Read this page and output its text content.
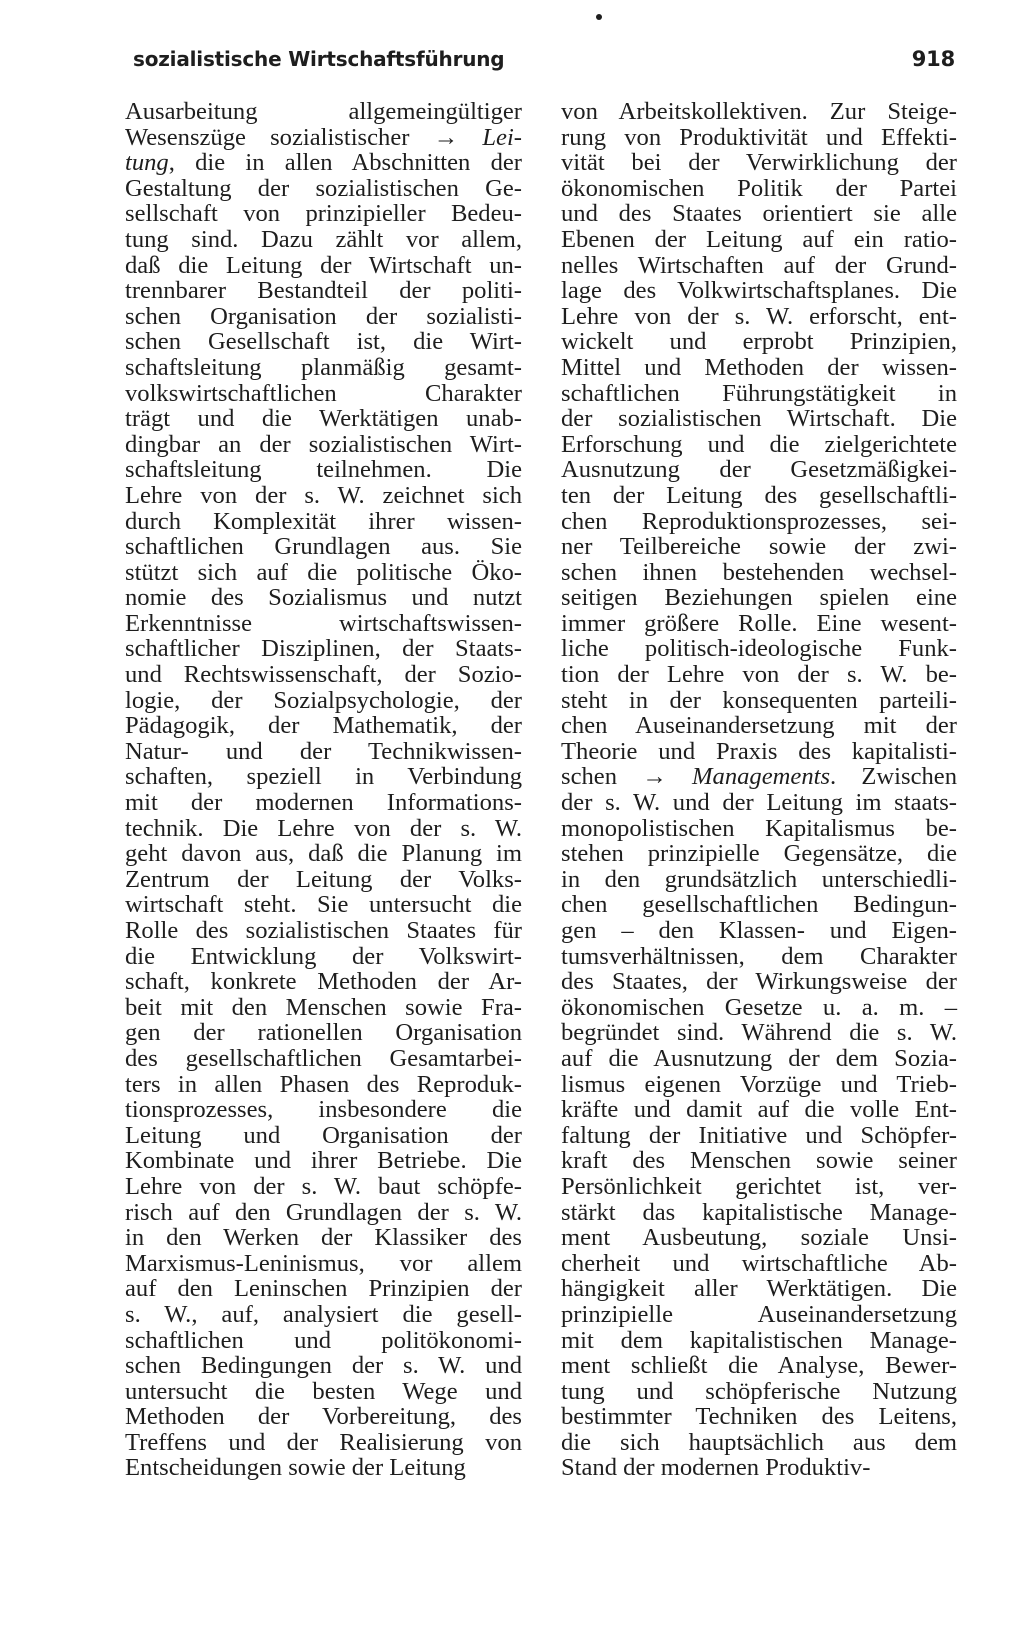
sozialistische Wirtschaftsführung	918
Ausarbeitung allgemeingültiger
Wesenszüge sozialistischer → Lei-
tung, die in allen Abschnitten der
Gestaltung der sozialistischen Ge-
sellschaft von prinzipieller Bedeu-
tung sind. Dazu zählt vor allem,
daß die Leitung der Wirtschaft un-
trennbarer Bestandteil der politi-
schen Organisation der sozialisti-
schen Gesellschaft ist, die Wirt-
schaftsleitung planmäßig gesamt-
volkswirtschaftlichen Charakter
trägt und die Werktätigen unab-
dingbar an der sozialistischen Wirt-
schaftsleitung teilnehmen. Die
Lehre von der s. W. zeichnet sich
durch Komplexität ihrer wissen-
schaftlichen Grundlagen aus. Sie
stützt sich auf die politische Öko-
nomie des Sozialismus und nutzt
Erkenntnisse wirtschaftswissen-
schaftlicher Disziplinen, der Staats-
und Rechtswissenschaft, der Sozio-
logie, der Sozialpsychologie, der
Pädagogik, der Mathematik, der
Natur- und der Technikwissen-
schaften, speziell in Verbindung
mit der modernen Informations-
technik. Die Lehre von der s. W.
geht davon aus, daß die Planung im
Zentrum der Leitung der Volks-
wirtschaft steht. Sie untersucht die
Rolle des sozialistischen Staates für
die Entwicklung der Volkswirt-
schaft, konkrete Methoden der Ar-
beit mit den Menschen sowie Fra-
gen der rationellen Organisation
des gesellschaftlichen Gesamtarbei-
ters in allen Phasen des Reproduk-
tionsprozesses, insbesondere die
Leitung und Organisation der
Kombinate und ihrer Betriebe. Die
Lehre von der s. W. baut schöpfe-
risch auf den Grundlagen der s. W.
in den Werken der Klassiker des
Marxismus-Leninismus, vor allem
auf den Leninschen Prinzipien der
s. W., auf, analysiert die gesell-
schaftlichen und politökonomi-
schen Bedingungen der s. W. und
untersucht die besten Wege und
Methoden der Vorbereitung, des
Treffens und der Realisierung von
Entscheidungen sowie der Leitung
von Arbeitskollektiven. Zur Steige-
rung von Produktivität und Effekti-
vität bei der Verwirklichung der
ökonomischen Politik der Partei
und des Staates orientiert sie alle
Ebenen der Leitung auf ein ratio-
nelles Wirtschaften auf der Grund-
lage des Volkwirtschaftsplanes. Die
Lehre von der s. W. erforscht, ent-
wickelt und erprobt Prinzipien,
Mittel und Methoden der wissen-
schaftlichen Führungstätigkeit in
der sozialistischen Wirtschaft. Die
Erforschung und die zielgerichtete
Ausnutzung der Gesetzmäßigkei-
ten der Leitung des gesellschaftli-
chen Reproduktionsprozesses, sei-
ner Teilbereiche sowie der zwi-
schen ihnen bestehenden wechsel-
seitigen Beziehungen spielen eine
immer größere Rolle. Eine wesent-
liche politisch-ideologische Funk-
tion der Lehre von der s. W. be-
steht in der konsequenten parteili-
chen Auseinandersetzung mit der
Theorie und Praxis des kapitalisti-
schen → Managements. Zwischen
der s. W. und der Leitung im staats-
monopolistischen Kapitalismus be-
stehen prinzipielle Gegensätze, die
in den grundsätzlich unterschiedli-
chen gesellschaftlichen Bedingun-
gen – den Klassen- und Eigen-
tumsverhältnissen, dem Charakter
des Staates, der Wirkungsweise der
ökonomischen Gesetze u. a. m. –
begründet sind. Während die s. W.
auf die Ausnutzung der dem Sozia-
lismus eigenen Vorzüge und Trieb-
kräfte und damit auf die volle Ent-
faltung der Initiative und Schöpfer-
kraft des Menschen sowie seiner
Persönlichkeit gerichtet ist, ver-
stärkt das kapitalistische Manage-
ment Ausbeutung, soziale Unsi-
cherheit und wirtschaftliche Ab-
hängigkeit aller Werktätigen. Die
prinzipielle Auseinandersetzung
mit dem kapitalistischen Manage-
ment schließt die Analyse, Bewer-
tung und schöpferische Nutzung
bestimmter Techniken des Leitens,
die sich hauptsächlich aus dem
Stand der modernen Produktiv-
